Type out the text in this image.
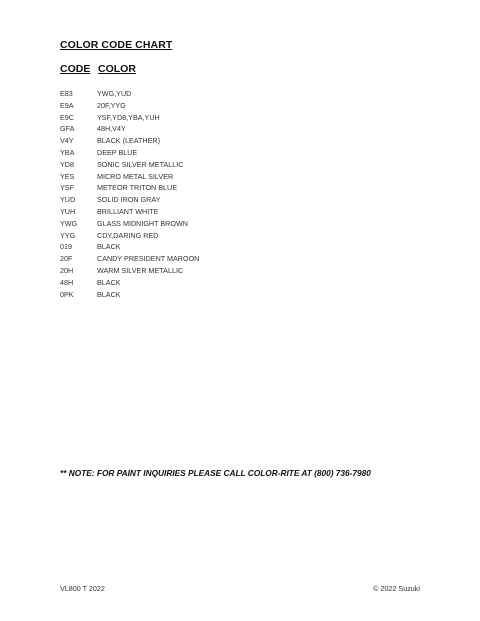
COLOR CODE CHART
CODE COLOR
E83	YWG,YUD
E9A	20F,YYG
E9C	YSF,YD8,YBA,YUH
GFA	48H,V4Y
V4Y	BLACK (LEATHER)
YBA	DEEP BLUE
YD8	SONIC SILVER METALLIC
YES	MICRO METAL SILVER
YSF	METEOR TRITON BLUE
YUD	SOLID IRON GRAY
YUH	BRILLIANT WHITE
YWG	GLASS MIDNIGHT BROWN
YYG	CDY,DARING RED
019	BLACK
20F	CANDY PRESIDENT MAROON
20H	WARM SILVER METALLIC
48H	BLACK
0PK	BLACK
** NOTE: FOR PAINT INQUIRIES PLEASE CALL COLOR-RITE AT (800) 736-7980
VL800 T 2022	© 2022 Suzuki
